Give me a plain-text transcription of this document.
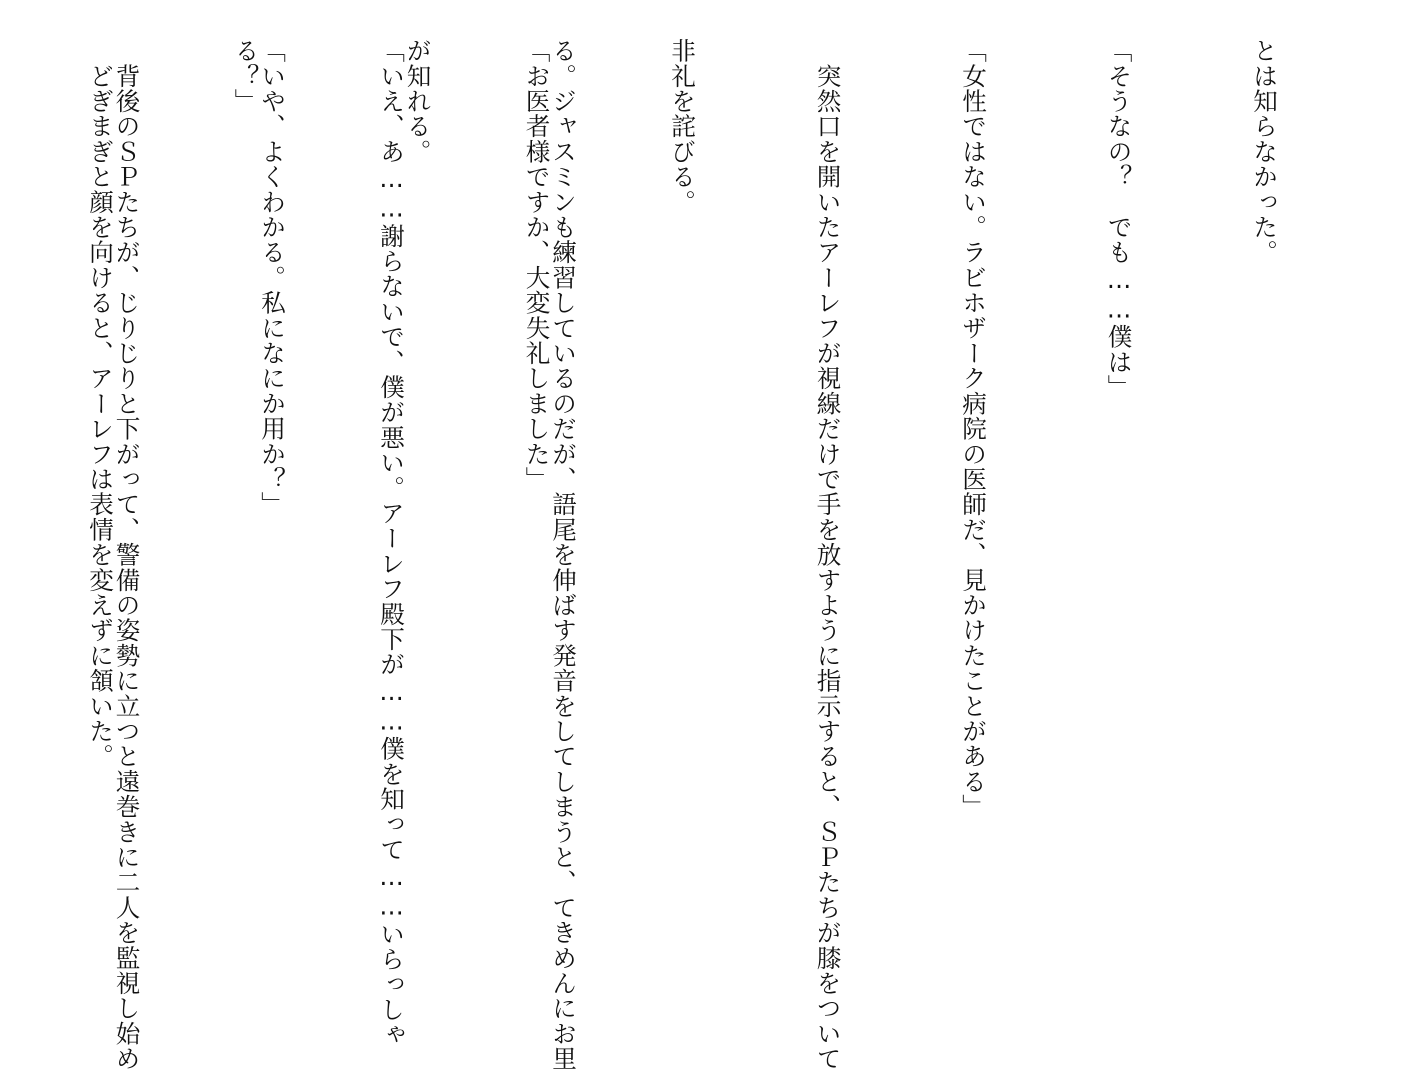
とは知らなかった。

「そうなの？　でも……僕は」

「女性ではない。ラビホザーク病院の医師だ、見かけたことがある」

　突然口を開いたアーレフが視線だけで手を放すように指示すると、ＳＰたちが膝をついて

非礼を詫びる。

「お医者様ですか、大変失礼しました」

「いえ、あ……謝らないで、僕が悪い。アーレフ殿下が……僕を知って……いらっしゃ

る？」

　どぎまぎと顔を向けると、アーレフは表情を変えずに頷いた。

	る。ジャスミンも練習しているのだが、語尾を伸ばす発音をしてしまうと、てきめんにお里

が知れる。

「いや、よくわかる。私になにか用か？」

　背後のＳＰたちが、じりじりと下がって、警備の姿勢に立つと遠巻きに二人を監視し始め
